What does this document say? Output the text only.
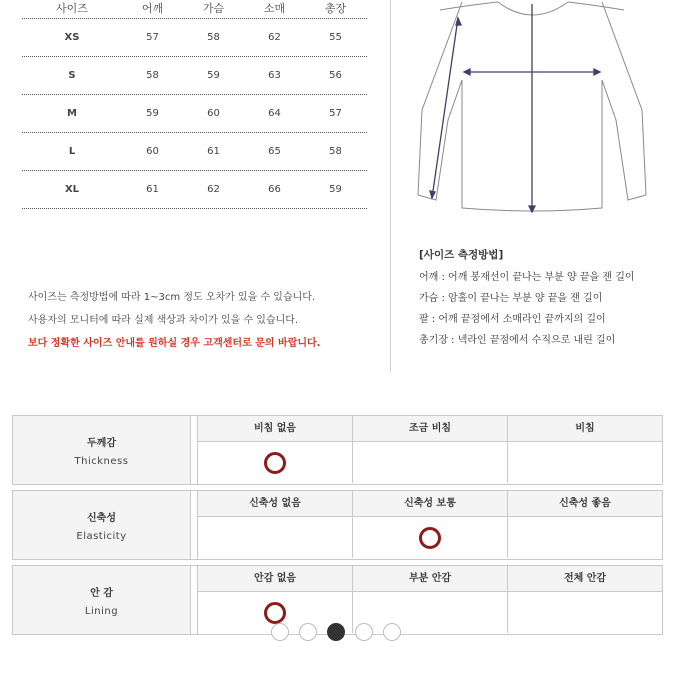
사이즈	어깨	가슴	소매	총장
XS	57	58	62	55
S	58	59	63	56
M	59	60	64	57
L	60	61	65	58
XL	61	62	66	59
사이즈는 측정방법에 따라 1~3cm 정도 오차가 있을 수 있습니다.
사용자의 모니터에 따라 실제 색상과 차이가 있을 수 있습니다.
보다 정확한 사이즈 안내를 원하실 경우 고객센터로 문의 바랍니다.
[사이즈 측정방법]
어깨 : 어깨 봉재선이 끝나는 부분 양 끝을 잰 길이
가슴 : 암홀이 끝나는 부분 양 끝을 잰 길이
팔 : 어깨 끝점에서 소매라인 끝까지의 길이
총기장 : 넥라인 끝점에서 수직으로 내린 길이
두께감
Thickness
비침 없음	조금 비침	비침
신축성
Elasticity
신축성 없음	신축성 보통	신축성 좋음
안 감
Lining
안감 없음	부분 안감	전체 안감
